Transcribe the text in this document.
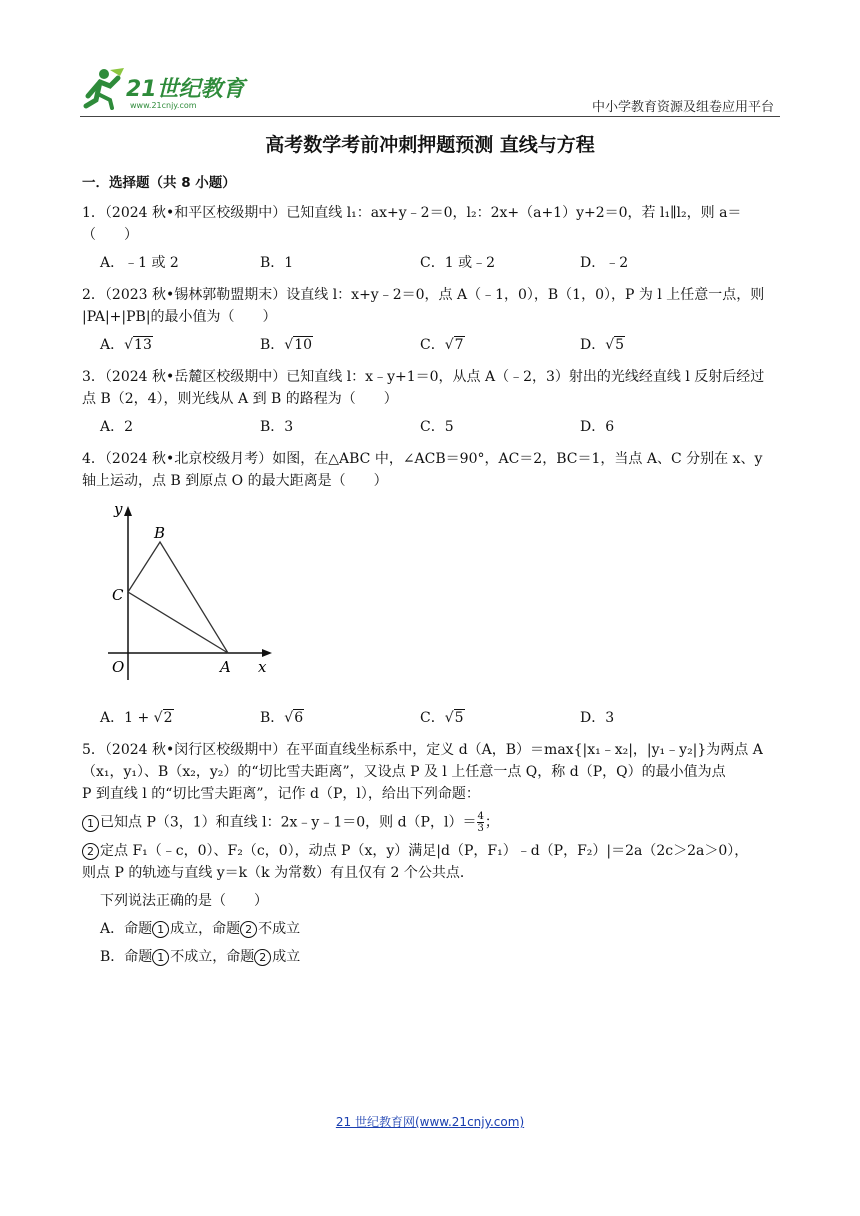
21世纪教育
www.21cnjy.com	中小学教育资源及组卷应用平台
高考数学考前冲刺押题预测 直线与方程
一．选择题（共 8 小题）
1．（2024 秋•和平区校级期中）已知直线 l₁：ax+y﹣2＝0，l₂：2x+（a+1）y+2＝0，若 l₁∥l₂，则 a＝（　　）
A．﹣1 或 2	B．1	C．1 或﹣2	D．﹣2
2．（2023 秋•锡林郭勒盟期末）设直线 l：x+y﹣2＝0，点 A（﹣1，0），B（1，0），P 为 l 上任意一点，则
|PA|+|PB|的最小值为（　　）
A．√13	B．√10	C．√7	D．√5
3．（2024 秋•岳麓区校级期中）已知直线 l：x﹣y+1＝0，从点 A（﹣2，3）射出的光线经直线 l 反射后经过
点 B（2，4），则光线从 A 到 B 的路程为（　　）
A．2	B．3	C．5	D．6
4．（2024 秋•北京校级月考）如图，在△ABC 中，∠ACB＝90°，AC＝2，BC＝1，当点 A、C 分别在 x、y
轴上运动，点 B 到原点 O 的最大距离是（　　）
y
x
B
C
O	A
A．1 + √2	B．√6	C．√5	D．3
5．（2024 秋•闵行区校级期中）在平面直线坐标系中，定义 d（A，B）＝max{|x₁﹣x₂|，|y₁﹣y₂|}为两点 A
（x₁，y₁）、B（x₂，y₂）的“切比雪夫距离”，又设点 P 及 l 上任意一点 Q，称 d（P，Q）的最小值为点
P 到直线 l 的“切比雪夫距离”，记作 d（P，l），给出下列命题：
1 已知点 P（3，1）和直线 l：2x﹣y﹣1＝0，则 d（P，$l)= \frac{4}{3}$ ；
2 定点 F₁（﹣c，0）、F₂（c，0），动点 P（x，y）满足|d（P，F₁）﹣d（P，F₂）|＝2a（2c＞2a＞0），
则点 P 的轨迹与直线 y＝k（k 为常数）有且仅有 2 个公共点．
下列说法正确的是（　　）
A．命题 1 成立，命题 2 不成立
B．命题 1 不成立，命题 2 成立
21 世纪教育网(www.21cnjy.com)
